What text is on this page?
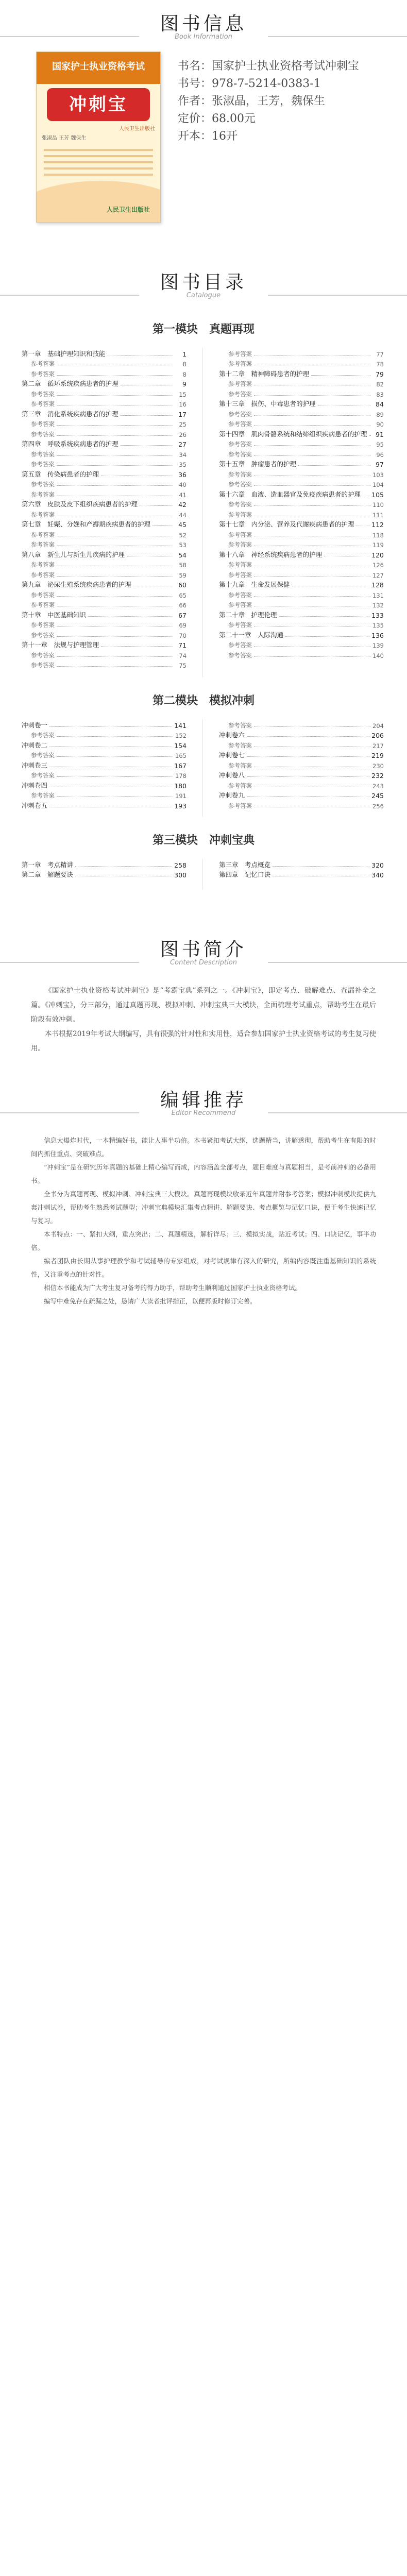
图书信息
Book Information
国家护士执业资格考试
冲刺宝
人民卫生出版社
张淑晶 王芳 魏保生
人民卫生出版社
书名：国家护士执业资格考试冲刺宝
书号：978-7-5214-0383-1
作者：张淑晶，王芳，魏保生
定价：68.00元
开本：16开
图书目录
Catalogue
第一模块　真题再现
第一章　基础护理知识和技能	1
参考答案	8
参考答案	8
第二章　循环系统疾病患者的护理	9
参考答案	15
参考答案	16
第三章　消化系统疾病患者的护理	17
参考答案	25
参考答案	26
第四章　呼吸系统疾病患者的护理	27
参考答案	34
参考答案	35
第五章　传染病患者的护理	36
参考答案	40
参考答案	41
第六章　皮肤及皮下组织疾病患者的护理	42
参考答案	44
第七章　妊娠、分娩和产褥期疾病患者的护理	45
参考答案	52
参考答案	53
第八章　新生儿与新生儿疾病的护理	54
参考答案	58
参考答案	59
第九章　泌尿生殖系统疾病患者的护理	60
参考答案	65
参考答案	66
第十章　中医基础知识	67
参考答案	69
参考答案	70
第十一章　法规与护理管理	71
参考答案	74
参考答案	75
参考答案	77
参考答案	78
第十二章　精神障碍患者的护理	79
参考答案	82
参考答案	83
第十三章　损伤、中毒患者的护理	84
参考答案	89
参考答案	90
第十四章　肌肉骨骼系统和结缔组织疾病患者的护理	91
参考答案	95
参考答案	96
第十五章　肿瘤患者的护理	97
参考答案	103
参考答案	104
第十六章　血液、造血器官及免疫疾病患者的护理 105
参考答案	110
参考答案	111
第十七章　内分泌、营养及代谢疾病患者的护理	112
参考答案	118
参考答案	119
第十八章　神经系统疾病患者的护理	120
参考答案	126
参考答案	127
第十九章　生命发展保健	128
参考答案	131
参考答案	132
第二十章　护理伦理	133
参考答案	135
第二十一章　人际沟通	136
参考答案	139
参考答案	140
第二模块　模拟冲刺
冲刺卷一	141
参考答案	152
冲刺卷二	154
参考答案	165
冲刺卷三	167
参考答案	178
冲刺卷四	180
参考答案	191
冲刺卷五	193
参考答案	204
冲刺卷六	206
参考答案	217
冲刺卷七	219
参考答案	230
冲刺卷八	232
参考答案	243
冲刺卷九	245
参考答案	256
第三模块　冲刺宝典
第一章　考点精讲	258
第二章　解题要诀	300
第三章　考点概览	320
第四章　记忆口诀	340
图书简介
Content Description

《国家护士执业资格考试冲刺宝》是“考霸宝典”系列之一。《冲刺宝》，即定考点、破解难点、查漏补全之篇。《冲刺宝》，分三部分，通过真题再现、模拟冲刺、冲刺宝典三大模块，全面梳理考试重点，帮助考生在最后阶段有效冲刺。

本书根据2019年考试大纲编写，具有很强的针对性和实用性，适合参加国家护士执业资格考试的考生复习使用。

编辑推荐
Editor Recommend

信息大爆炸时代，一本精编好书，能让人事半功倍。本书紧扣考试大纲，选题精当，讲解透彻，帮助考生在有限的时间内抓住重点、突破难点。

“冲刺宝”是在研究历年真题的基础上精心编写而成，内容涵盖全部考点，题目难度与真题相当，是考前冲刺的必备用书。

全书分为真题再现、模拟冲刺、冲刺宝典三大模块。真题再现模块收录近年真题并附参考答案；模拟冲刺模块提供九套冲刺试卷，帮助考生熟悉考试题型；冲刺宝典模块汇集考点精讲、解题要诀、考点概览与记忆口诀，便于考生快速记忆与复习。

本书特点：一、紧扣大纲，重点突出；二、真题精选，解析详尽；三、模拟实战，贴近考试；四、口诀记忆，事半功倍。

编者团队由长期从事护理教学和考试辅导的专家组成，对考试规律有深入的研究，所编内容既注重基础知识的系统性，又注重考点的针对性。

相信本书能成为广大考生复习备考的得力助手，帮助考生顺利通过国家护士执业资格考试。

编写中难免存在疏漏之处，恳请广大读者批评指正，以便再版时修订完善。
